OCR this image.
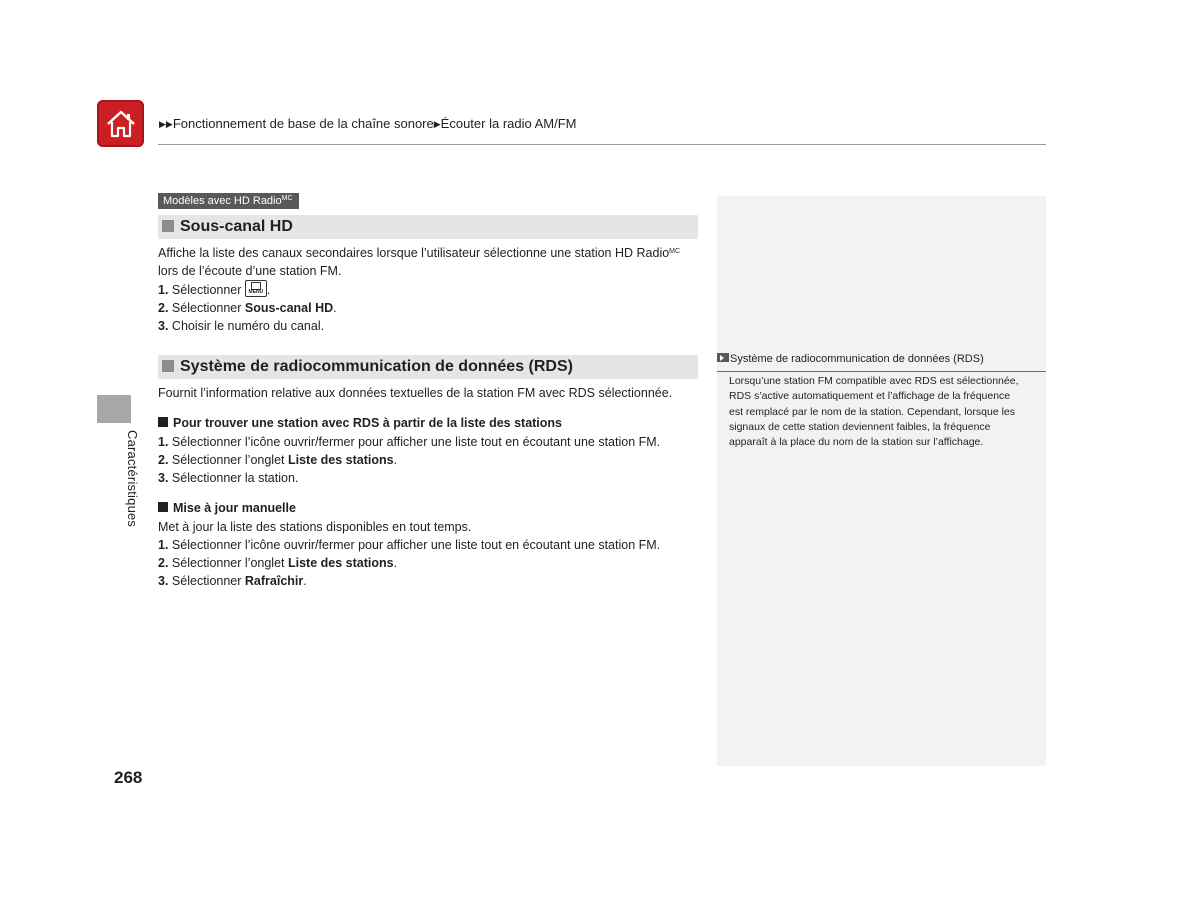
▶▶Fonctionnement de base de la chaîne sonore▶Écouter la radio AM/FM
Caractéristiques
Modèles avec HD Radio$^{MC}$
Sous-canal HD

Affiche la liste des canaux secondaires lorsque l’utilisateur sélectionne une station HD Radio$^{MC}$

lors de l’écoute d’une station FM.

1. Sélectionner	MENU .

2. Sélectionner Sous-canal HD.

3. Choisir le numéro du canal.

Système de radiocommunication de données (RDS)
Fournit l’information relative aux données textuelles de la station FM avec RDS sélectionnée.
Pour trouver une station avec RDS à partir de la liste des stations

1. Sélectionner l’icône ouvrir/fermer pour afficher une liste tout en écoutant une station FM.

2. Sélectionner l’onglet Liste des stations.

3. Sélectionner la station.

Mise à jour manuelle

Met à jour la liste des stations disponibles en tout temps.

1. Sélectionner l’icône ouvrir/fermer pour afficher une liste tout en écoutant une station FM.

2. Sélectionner l’onglet Liste des stations.

3. Sélectionner Rafraîchir.

Système de radiocommunication de données (RDS)
Lorsqu’une station FM compatible avec RDS est sélectionnée,
RDS s’active automatiquement et l’affichage de la fréquence
est remplacé par le nom de la station. Cependant, lorsque les
signaux de cette station deviennent faibles, la fréquence
apparaît à la place du nom de la station sur l’affichage.
268
